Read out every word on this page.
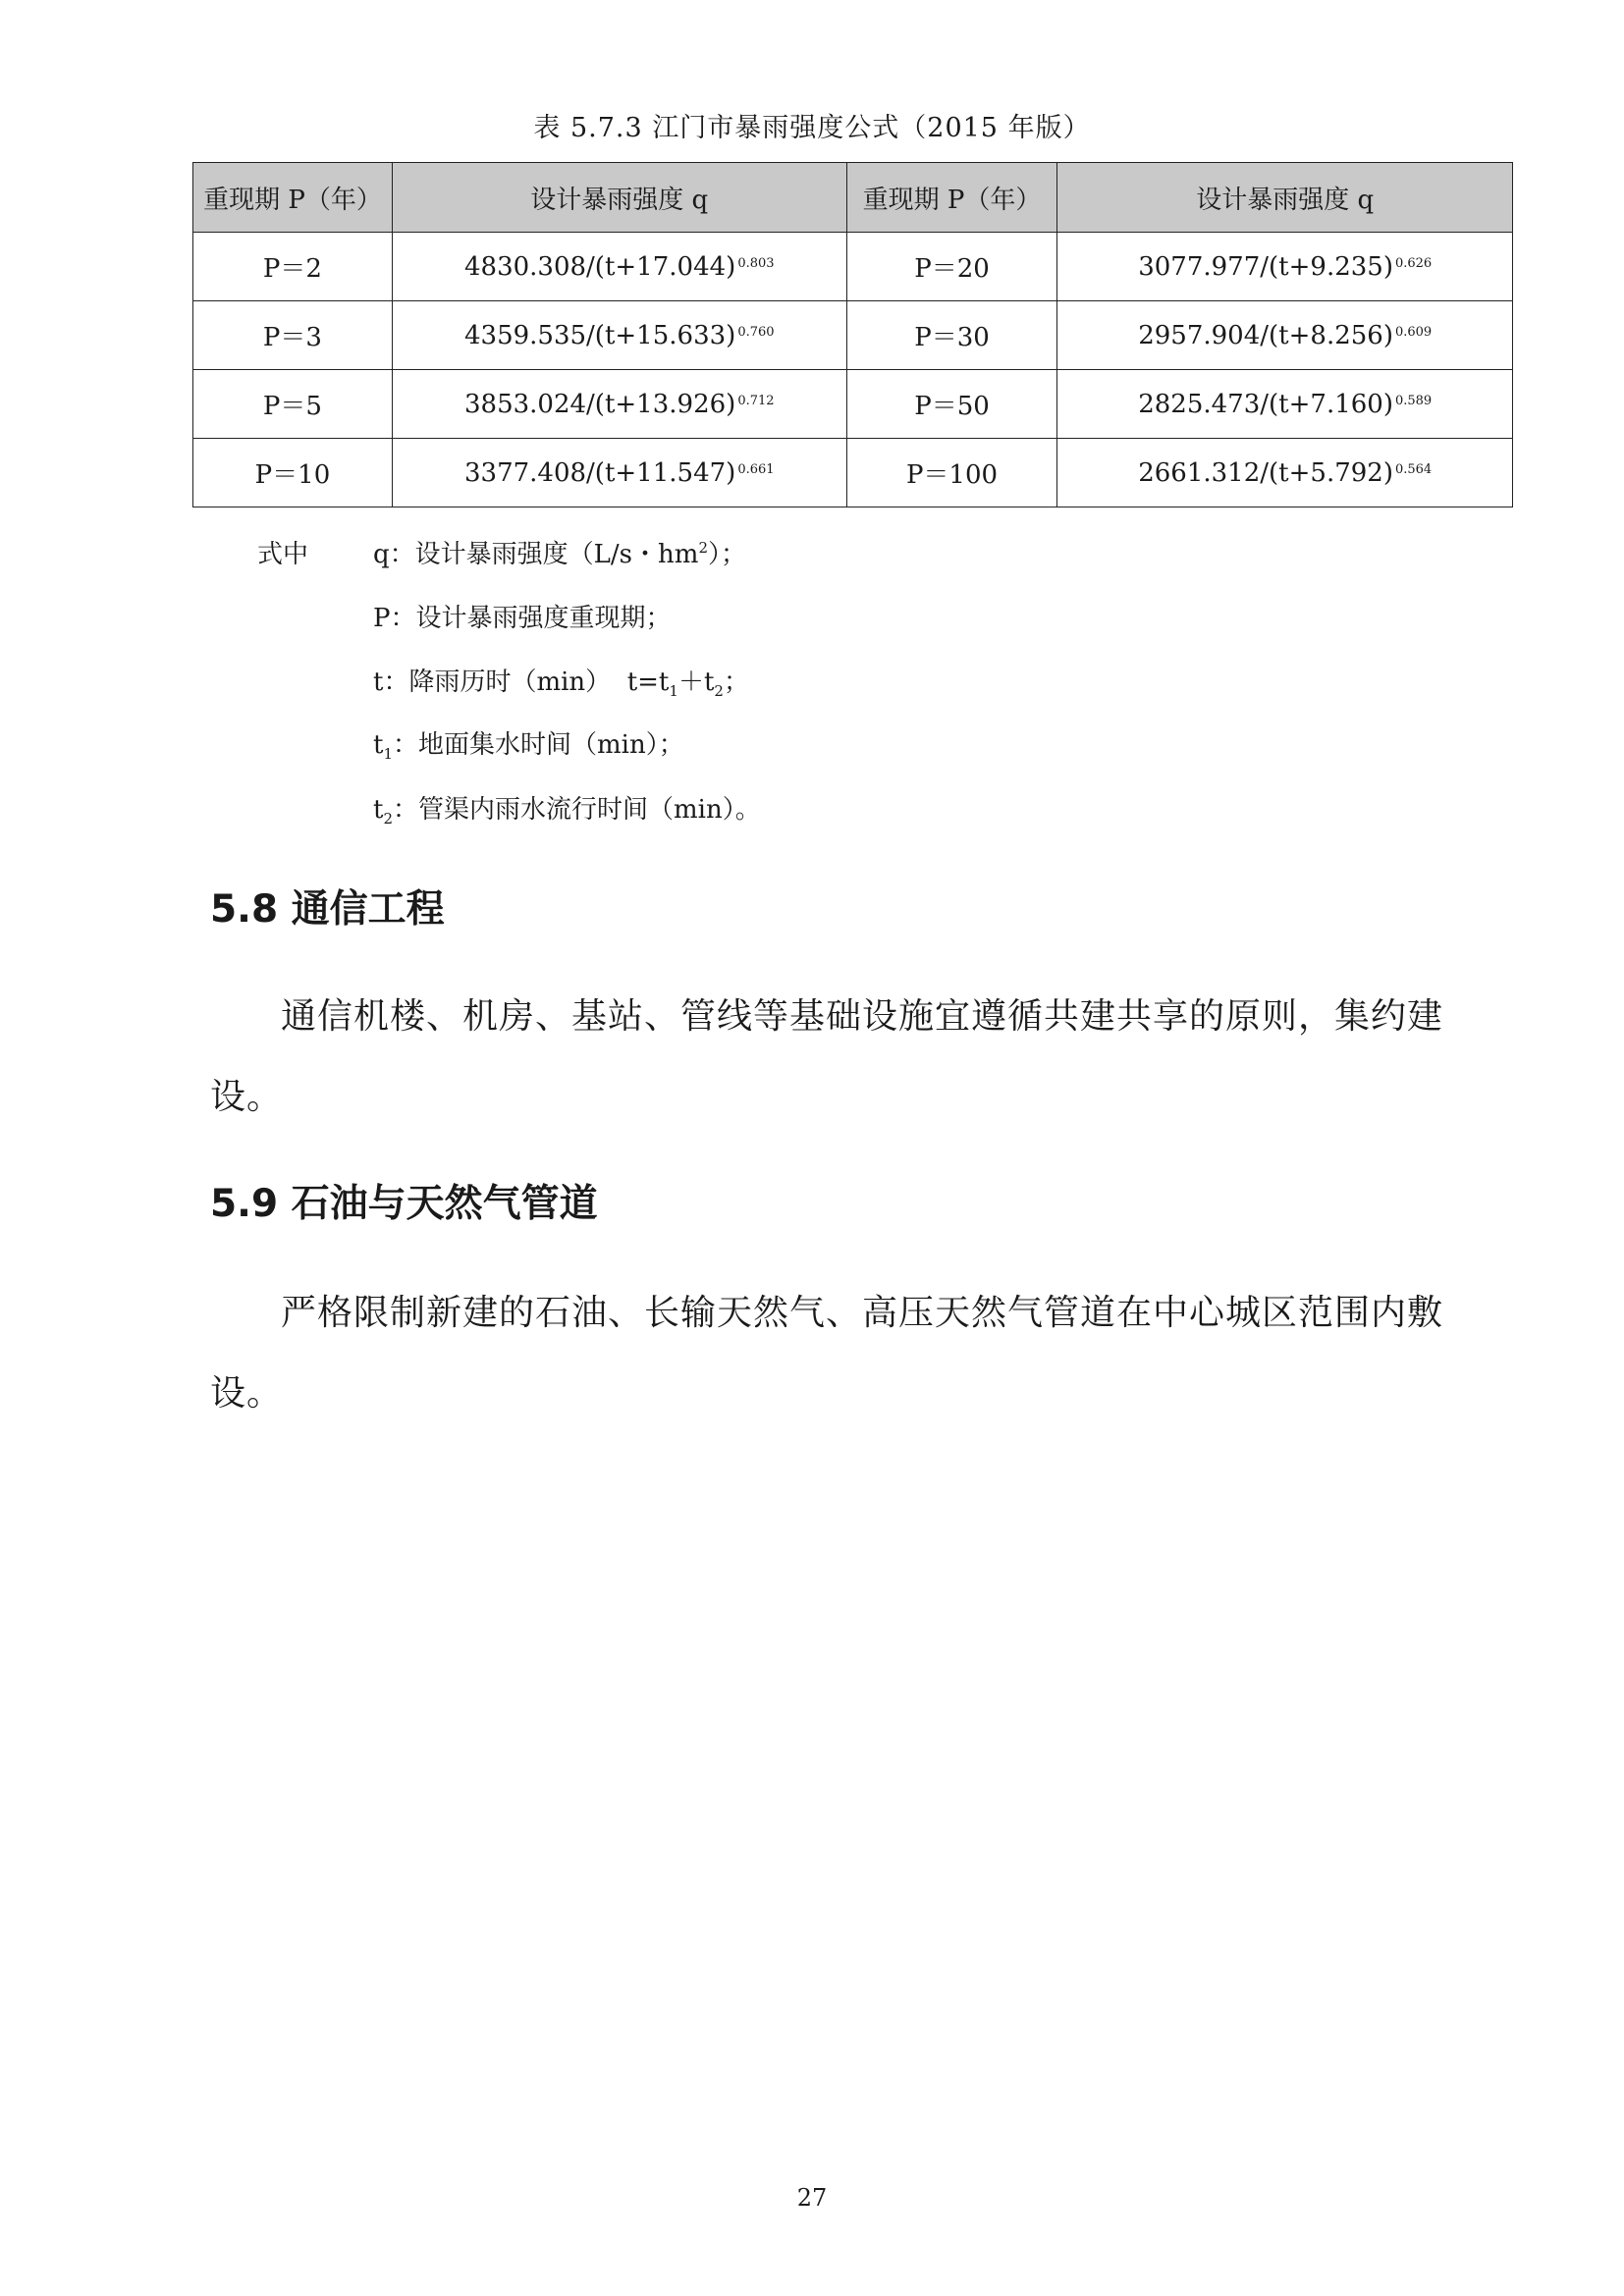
表 5.7.3 江门市暴雨强度公式（2015 年版）
重现期 P（年）	设计暴雨强度 q	重现期 P（年）	设计暴雨强度 q
P＝2	4830.308/(t+17.044) $^{0.803}$	P＝20	3077.977/(t+9.235) $^{0.626}$
P＝3	4359.535/(t+15.633) $^{0.760}$	P＝30	2957.904/(t+8.256) $^{0.609}$
P＝5	3853.024/(t+13.926) $^{0.712}$	P＝50	2825.473/(t+7.160) $^{0.589}$
P＝10	3377.408/(t+11.547) $^{0.661}$	P＝100	2661.312/(t+5.792) $^{0.564}$
式中	q：设计暴雨强度（L/s・$hm^2$）；
P：设计暴雨强度重现期；
t：降雨历时（min）  $t=t_1+t_2$；
$t_1$：地面集水时间（min）；
$t_2$：管渠内雨水流行时间（min）。
5.8 通信工程
通信机楼、机房、基站、管线等基础设施宜遵循共建共享的原则，集约建设。
5.9 石油与天然气管道
严格限制新建的石油、长输天然气、高压天然气管道在中心城区范围内敷设。
27
